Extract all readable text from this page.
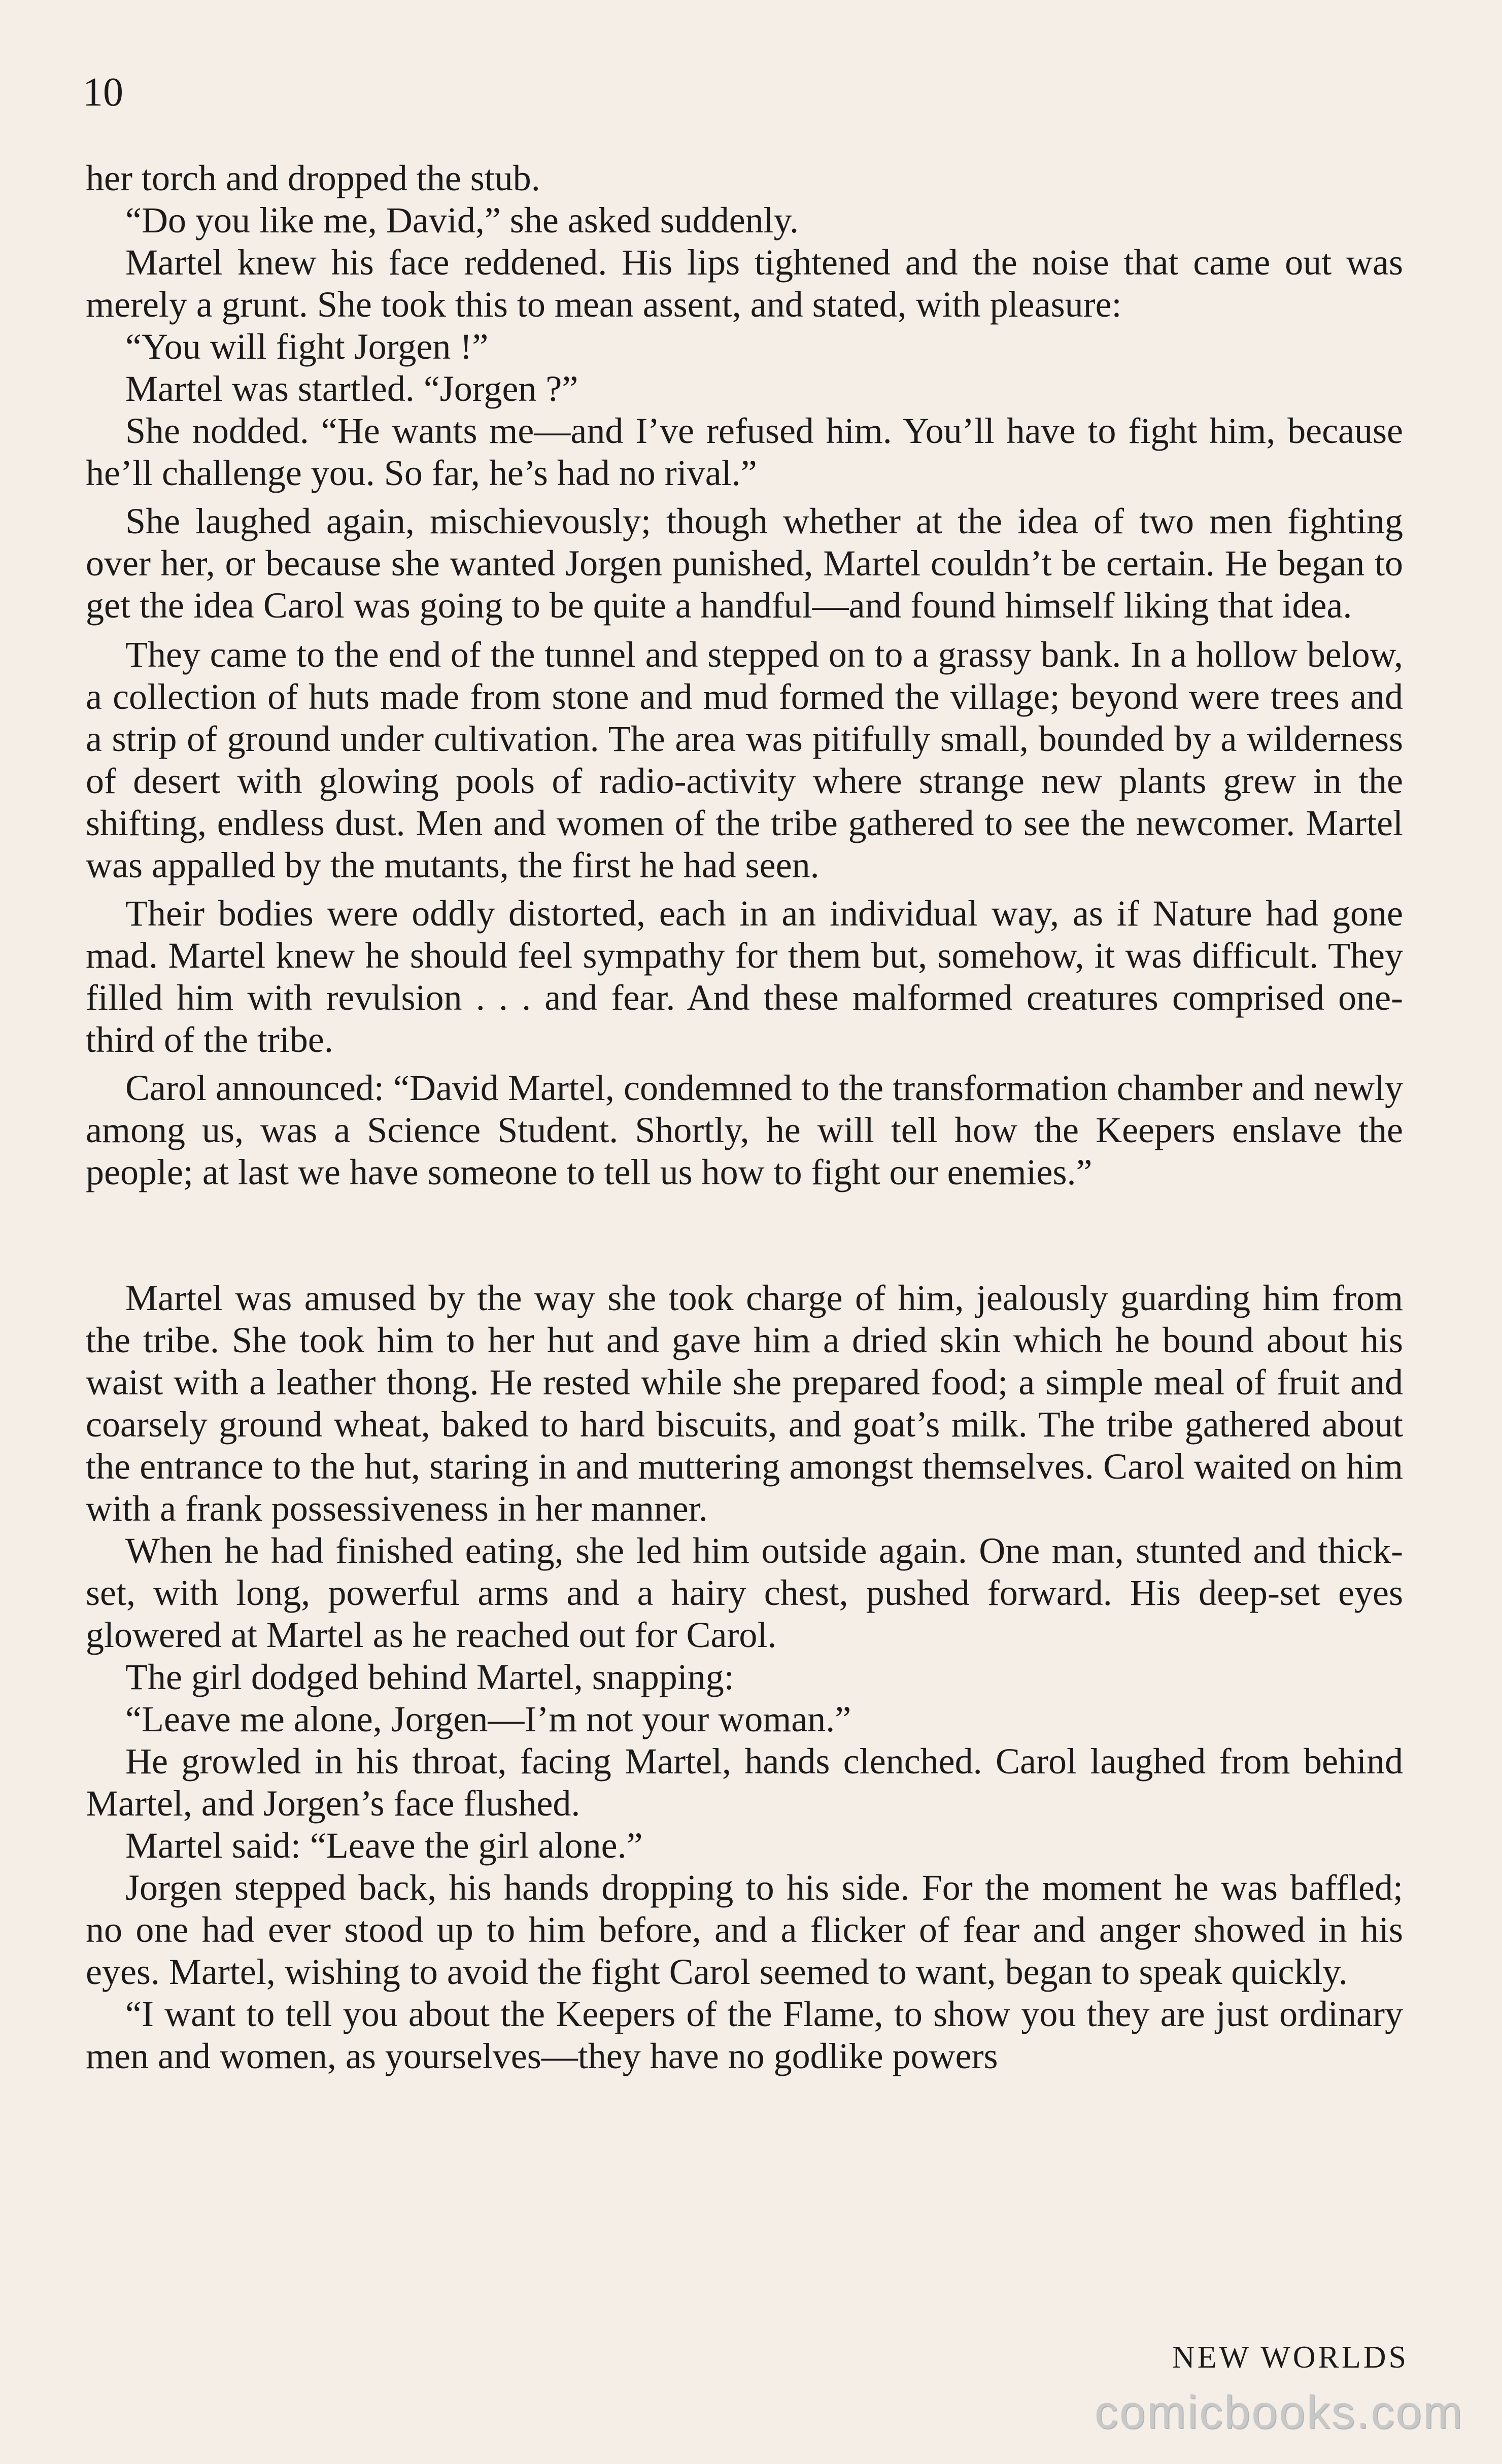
10

her torch and dropped the stub.

“Do you like me, David,” she asked suddenly.

Martel knew his face reddened. His lips tightened and the noise that came out was merely a grunt. She took this to mean assent, and stated, with pleasure:

“You will fight Jorgen !”

Martel was startled. “Jorgen ?”

She nodded. “He wants me—and I’ve refused him. You’ll have to fight him, because he’ll challenge you. So far, he’s had no rival.”

She laughed again, mischievously; though whether at the idea of two men fighting over her, or because she wanted Jorgen punished, Martel couldn’t be certain. He began to get the idea Carol was going to be quite a handful—and found himself liking that idea.

They came to the end of the tunnel and stepped on to a grassy bank. In a hollow below, a collection of huts made from stone and mud formed the village; beyond were trees and a strip of ground under cultivation. The area was pitifully small, bounded by a wilderness of desert with glowing pools of radio-activity where strange new plants grew in the shifting, endless dust. Men and women of the tribe gathered to see the newcomer. Martel was appalled by the mutants, the first he had seen.

Their bodies were oddly distorted, each in an individual way, as if Nature had gone mad. Martel knew he should feel sympathy for them but, somehow, it was difficult. They filled him with revulsion . . . and fear. And these malformed creatures comprised one-third of the tribe.

Carol announced: “David Martel, condemned to the transformation chamber and newly among us, was a Science Student. Shortly, he will tell how the Keepers enslave the people; at last we have someone to tell us how to fight our enemies.”

Martel was amused by the way she took charge of him, jealously guarding him from the tribe. She took him to her hut and gave him a dried skin which he bound about his waist with a leather thong. He rested while she prepared food; a simple meal of fruit and coarsely ground wheat, baked to hard biscuits, and goat’s milk. The tribe gathered about the entrance to the hut, staring in and muttering amongst themselves. Carol waited on him with a frank possessiveness in her manner.

When he had finished eating, she led him outside again. One man, stunted and thick-set, with long, powerful arms and a hairy chest, pushed forward. His deep-set eyes glowered at Martel as he reached out for Carol.

The girl dodged behind Martel, snapping:

“Leave me alone, Jorgen—I’m not your woman.”

He growled in his throat, facing Martel, hands clenched. Carol laughed from behind Martel, and Jorgen’s face flushed.

Martel said: “Leave the girl alone.”

Jorgen stepped back, his hands dropping to his side. For the moment he was baffled; no one had ever stood up to him before, and a flicker of fear and anger showed in his eyes. Martel, wishing to avoid the fight Carol seemed to want, began to speak quickly.

“I want to tell you about the Keepers of the Flame, to show you they are just ordinary men and women, as yourselves—they have no godlike powers

NEW WORLDS
comicbooks.com
